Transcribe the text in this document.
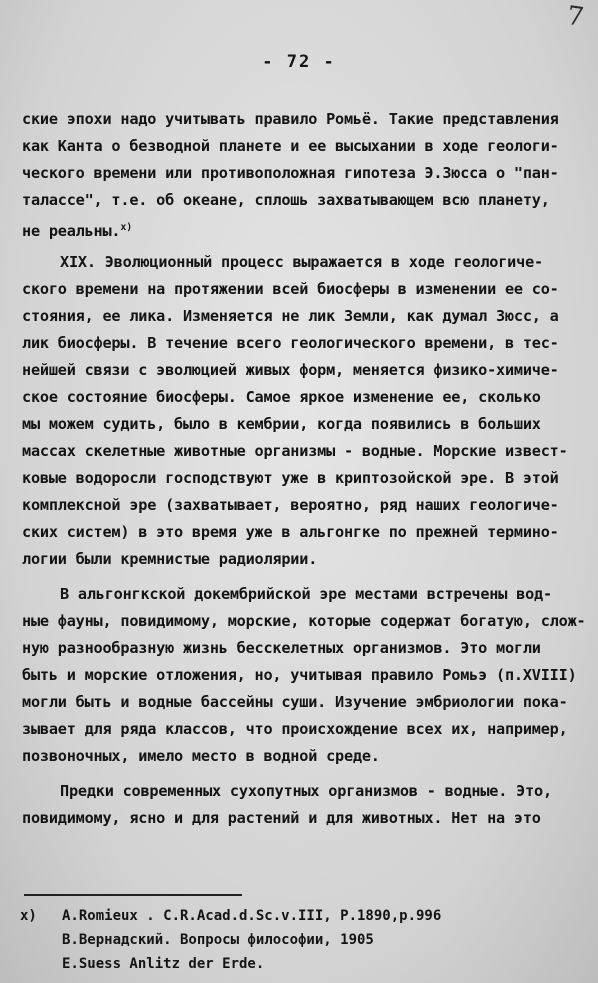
7
- 72 -
ские эпохи надо учитывать правило Ромьё. Такие представления
как Канта о безводной планете и ее высыхании в ходе геологи-
ческого времени или противоположная гипотеза Э.Зюсса о "пан-
талассе", т.е. об океане, сплошь захватывающем всю планету,
не реальны.$^{x)}$
XIX. Эволюционный процесс выражается в ходе геологиче-
ского времени на протяжении всей биосферы в изменении ее со-
стояния, ее лика. Изменяется не лик Земли, как думал Зюсс, а
лик биосферы. В течение всего геологического времени, в тес-
нейшей связи с эволюцией живых форм, меняется физико-химиче-
ское состояние биосферы. Самое яркое изменение ее, сколько
мы можем судить, было в кембрии, когда появились в больших
массах скелетные животные организмы - водные. Морские извест-
ковые водоросли господствуют уже в криптозойской эре. В этой
комплексной эре (захватывает, вероятно, ряд наших геологиче-
ских систем) в это время уже в альгонгке по прежней термино-
логии были кремнистые радиолярии.
В альгонгкской докембрийской эре местами встречены вод-
ные фауны, повидимому, морские, которые содержат богатую, слож-
ную разнообразную жизнь бесскелетных организмов. Это могли
быть и морские отложения, но, учитывая правило Ромьэ (п.XVIII)
могли быть и водные бассейны суши. Изучение эмбриологии пока-
зывает для ряда классов, что происхождение всех их, например,
позвоночных, имело место в водной среде.
Предки современных сухопутных организмов - водные. Это,
повидимому, ясно и для растений и для животных. Нет на это
x) A.Romieux . C.R.Acad.d.Sc.v.III, P.1890,p.996
В.Вернадский. Вопросы философии, 1905
E.Suess Anlitz der Erde.
